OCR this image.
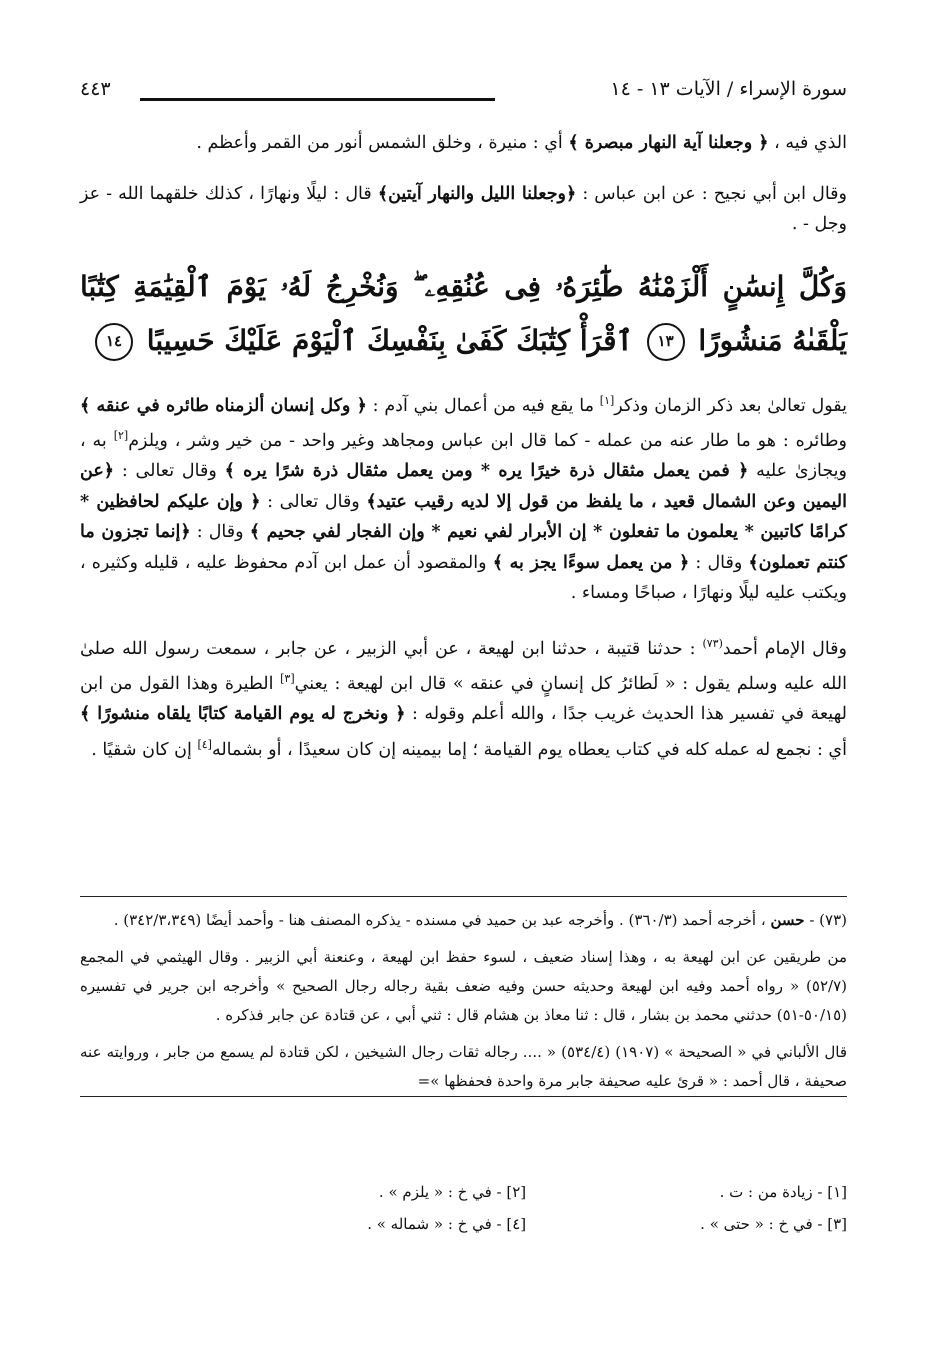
سورة الإسراء / الآيات ١٣ - ١٤
٤٤٣

الذي فيه ، ﴿ وجعلنا آية النهار مبصرة ﴾ أي : منيرة ، وخلق الشمس أنور من القمر وأعظم .

وقال ابن أبي نجيح : عن ابن عباس : ﴿وجعلنا الليل والنهار آيتين﴾ قال : ليلًا ونهارًا ، كذلك خلقهما الله - عز وجل - .

وَكُلَّ إِنسَٰنٍ أَلْزَمْنَٰهُ طَٰٓئِرَهُۥ فِى عُنُقِهِۦ ۖ وَنُخْرِجُ لَهُۥ يَوْمَ ٱلْقِيَٰمَةِ كِتَٰبًا يَلْقَىٰهُ مَنشُورًا ١٣ ٱقْرَأْ كِتَٰبَكَ كَفَىٰ بِنَفْسِكَ ٱلْيَوْمَ عَلَيْكَ حَسِيبًا ١٤

يقول تعالىٰ بعد ذكر الزمان وذكر[١] ما يقع فيه من أعمال بني آدم : ﴿ وكل إنسان ألزمناه طائره في عنقه ﴾ وطائره : هو ما طار عنه من عمله - كما قال ابن عباس ومجاهد وغير واحد - من خير وشر ، ويلزم[٢] به ، ويجازىٰ عليه ﴿ فمن يعمل مثقال ذرة خيرًا يره * ومن يعمل مثقال ذرة شرًا يره ﴾ وقال تعالى : ﴿عن اليمين وعن الشمال قعيد ، ما يلفظ من قول إلا لديه رقيب عتيد﴾ وقال تعالى : ﴿ وإن عليكم لحافظين * كرامًا كاتبين * يعلمون ما تفعلون * إن الأبرار لفي نعيم * وإن الفجار لفي جحيم ﴾ وقال : ﴿إنما تجزون ما كنتم تعملون﴾ وقال : ﴿ من يعمل سوءًا يجز به ﴾ والمقصود أن عمل ابن آدم محفوظ عليه ، قليله وكثيره ، ويكتب عليه ليلًا ونهارًا ، صباحًا ومساء .

وقال الإمام أحمد$^{(٧٣)}$ : حدثنا قتيبة ، حدثنا ابن لهيعة ، عن أبي الزبير ، عن جابر ، سمعت رسول الله صلىٰ الله عليه وسلم يقول : « لَطائرُ كل إنسانٍ في عنقه » قال ابن لهيعة : يعني[٣] الطيرة وهذا القول من ابن لهيعة في تفسير هذا الحديث غريب جدًا ، والله أعلم وقوله : ﴿ ونخرج له يوم القيامة كتابًا يلقاه منشورًا ﴾ أي : نجمع له عمله كله في كتاب يعطاه يوم القيامة ؛ إما بيمينه إن كان سعيدًا ، أو بشماله[٤] إن كان شقيًا .

(٧٣) - حسن ، أخرجه أحمد (٣٦٠/٣) . وأخرجه عبد بن حميد في مسنده - يذكره المصنف هنا - وأحمد أيضًا (٣٤٢/٣،٣٤٩) .

من طريقين عن ابن لهيعة به ، وهذا إسناد ضعيف ، لسوء حفظ ابن لهيعة ، وعنعنة أبي الزبير . وقال الهيثمي في المجمع (٥٢/٧) « رواه أحمد وفيه ابن لهيعة وحديثه حسن وفيه ضعف بقية رجاله رجال الصحيح » وأخرجه ابن جرير في تفسيره (٥٠/١٥-٥١) حدثني محمد بن بشار ، قال : ثنا معاذ بن هشام قال : ثني أبي ، عن قتادة عن جابر فذكره .

قال الألباني في « الصحيحة » (١٩٠٧) (٥٣٤/٤) « .... رجاله ثقات رجال الشيخين ، لكن قتادة لم يسمع من جابر ، وروايته عنه صحيفة ، قال أحمد : « قرئ عليه صحيفة جابر مرة واحدة فحفظها »=

[١] - زيادة من : ت .
[٢] - في خ : « يلزم » .
[٣] - في خ : « حتى » .
[٤] - في خ : « شماله » .
